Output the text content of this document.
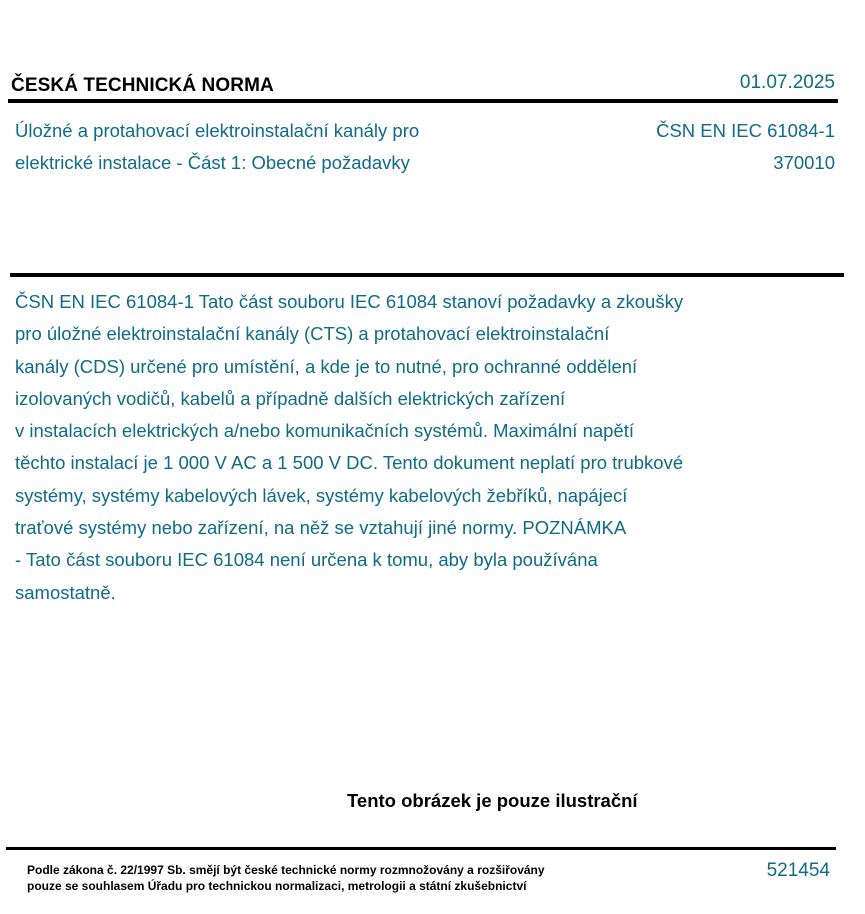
ČESKÁ TECHNICKÁ NORMA	01.07.2025
Úložné a protahovací elektroinstalační kanály pro
elektrické instalace - Část 1: Obecné požadavky
ČSN EN IEC 61084-1
370010
ČSN EN IEC 61084-1 Tato část souboru IEC 61084 stanoví požadavky a zkoušky
pro úložné elektroinstalační kanály (CTS) a protahovací elektroinstalační
kanály (CDS) určené pro umístění, a kde je to nutné, pro ochranné oddělení
izolovaných vodičů, kabelů a případně dalších elektrických zařízení
v instalacích elektrických a/nebo komunikačních systémů. Maximální napětí
těchto instalací je 1 000 V AC a 1 500 V DC. Tento dokument neplatí pro trubkové
systémy, systémy kabelových lávek, systémy kabelových žebříků, napájecí
traťové systémy nebo zařízení, na něž se vztahují jiné normy. POZNÁMKA
- Tato část souboru IEC 61084 není určena k tomu, aby byla používána
samostatně.
Tento obrázek je pouze ilustrační
Podle zákona č. 22/1997 Sb. smějí být české technické normy rozmnožovány a rozšiřovány
pouze se souhlasem Úřadu pro technickou normalizaci, metrologii a státní zkušebnictví
521454
